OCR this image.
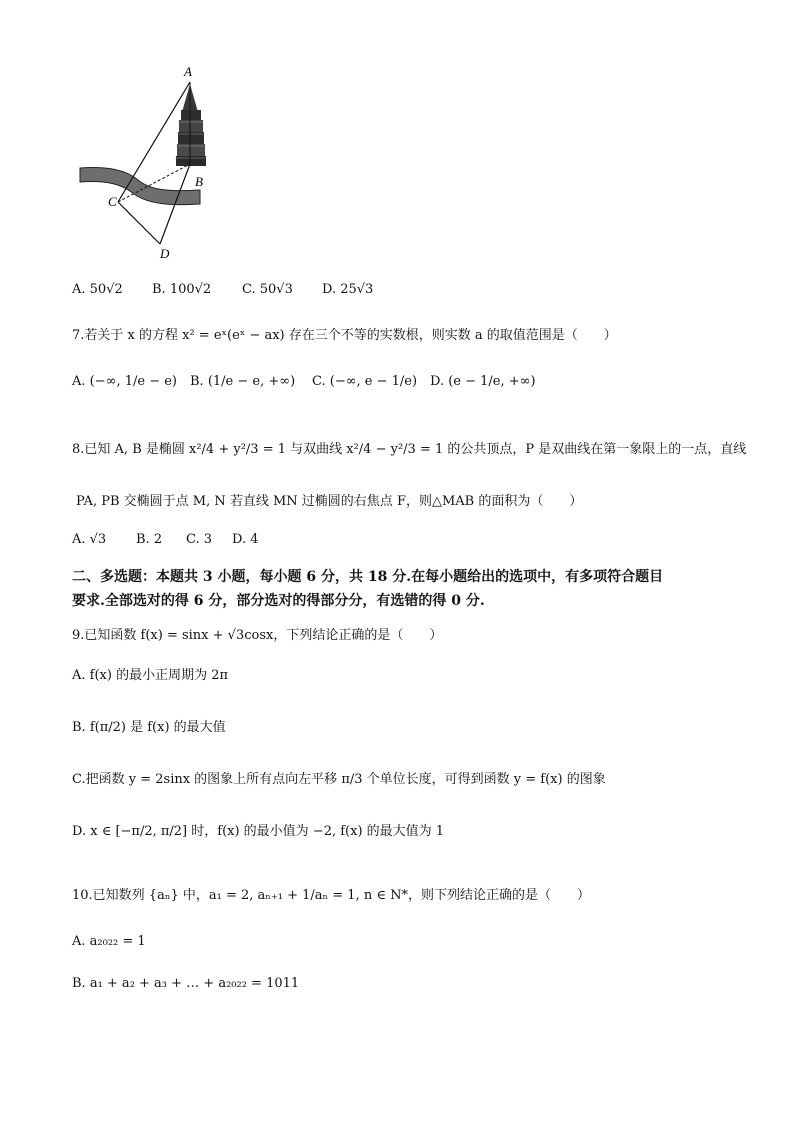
A
B
C
D
A. 50√2 B. 100√2 C. 50√3 D. 25√3
7.若关于 x 的方程 x² = eˣ(eˣ − ax) 存在三个不等的实数根，则实数 a 的取值范围是（　　）
A. (−∞, 1/e − e) B. (1/e − e, +∞) C. (−∞, e − 1/e) D. (e − 1/e, +∞)
8.已知 A, B 是椭圆 x²/4 + y²/3 = 1 与双曲线 x²/4 − y²/3 = 1 的公共顶点，P 是双曲线在第一象限上的一点，直线
PA, PB 交椭圆于点 M, N 若直线 MN 过椭圆的右焦点 F，则△MAB 的面积为（　　）
A. √3 B. 2 C. 3 D. 4
二、多选题：本题共 3 小题，每小题 6 分，共 18 分.在每小题给出的选项中，有多项符合题目
要求.全部选对的得 6 分，部分选对的得部分分，有选错的得 0 分.
9.已知函数 f(x) = sinx + √3cosx，下列结论正确的是（　　）
A. f(x) 的最小正周期为 2π
B. f(π/2) 是 f(x) 的最大值
C.把函数 y = 2sinx 的图象上所有点向左平移 π/3 个单位长度，可得到函数 y = f(x) 的图象
D. x ∈ [−π/2, π/2] 时，f(x) 的最小值为 −2, f(x) 的最大值为 1
10.已知数列 {aₙ} 中，a₁ = 2, aₙ₊₁ + 1/aₙ = 1, n ∈ N*，则下列结论正确的是（　　）
A. a₂₀₂₂ = 1
B. a₁ + a₂ + a₃ + … + a₂₀₂₂ = 1011
